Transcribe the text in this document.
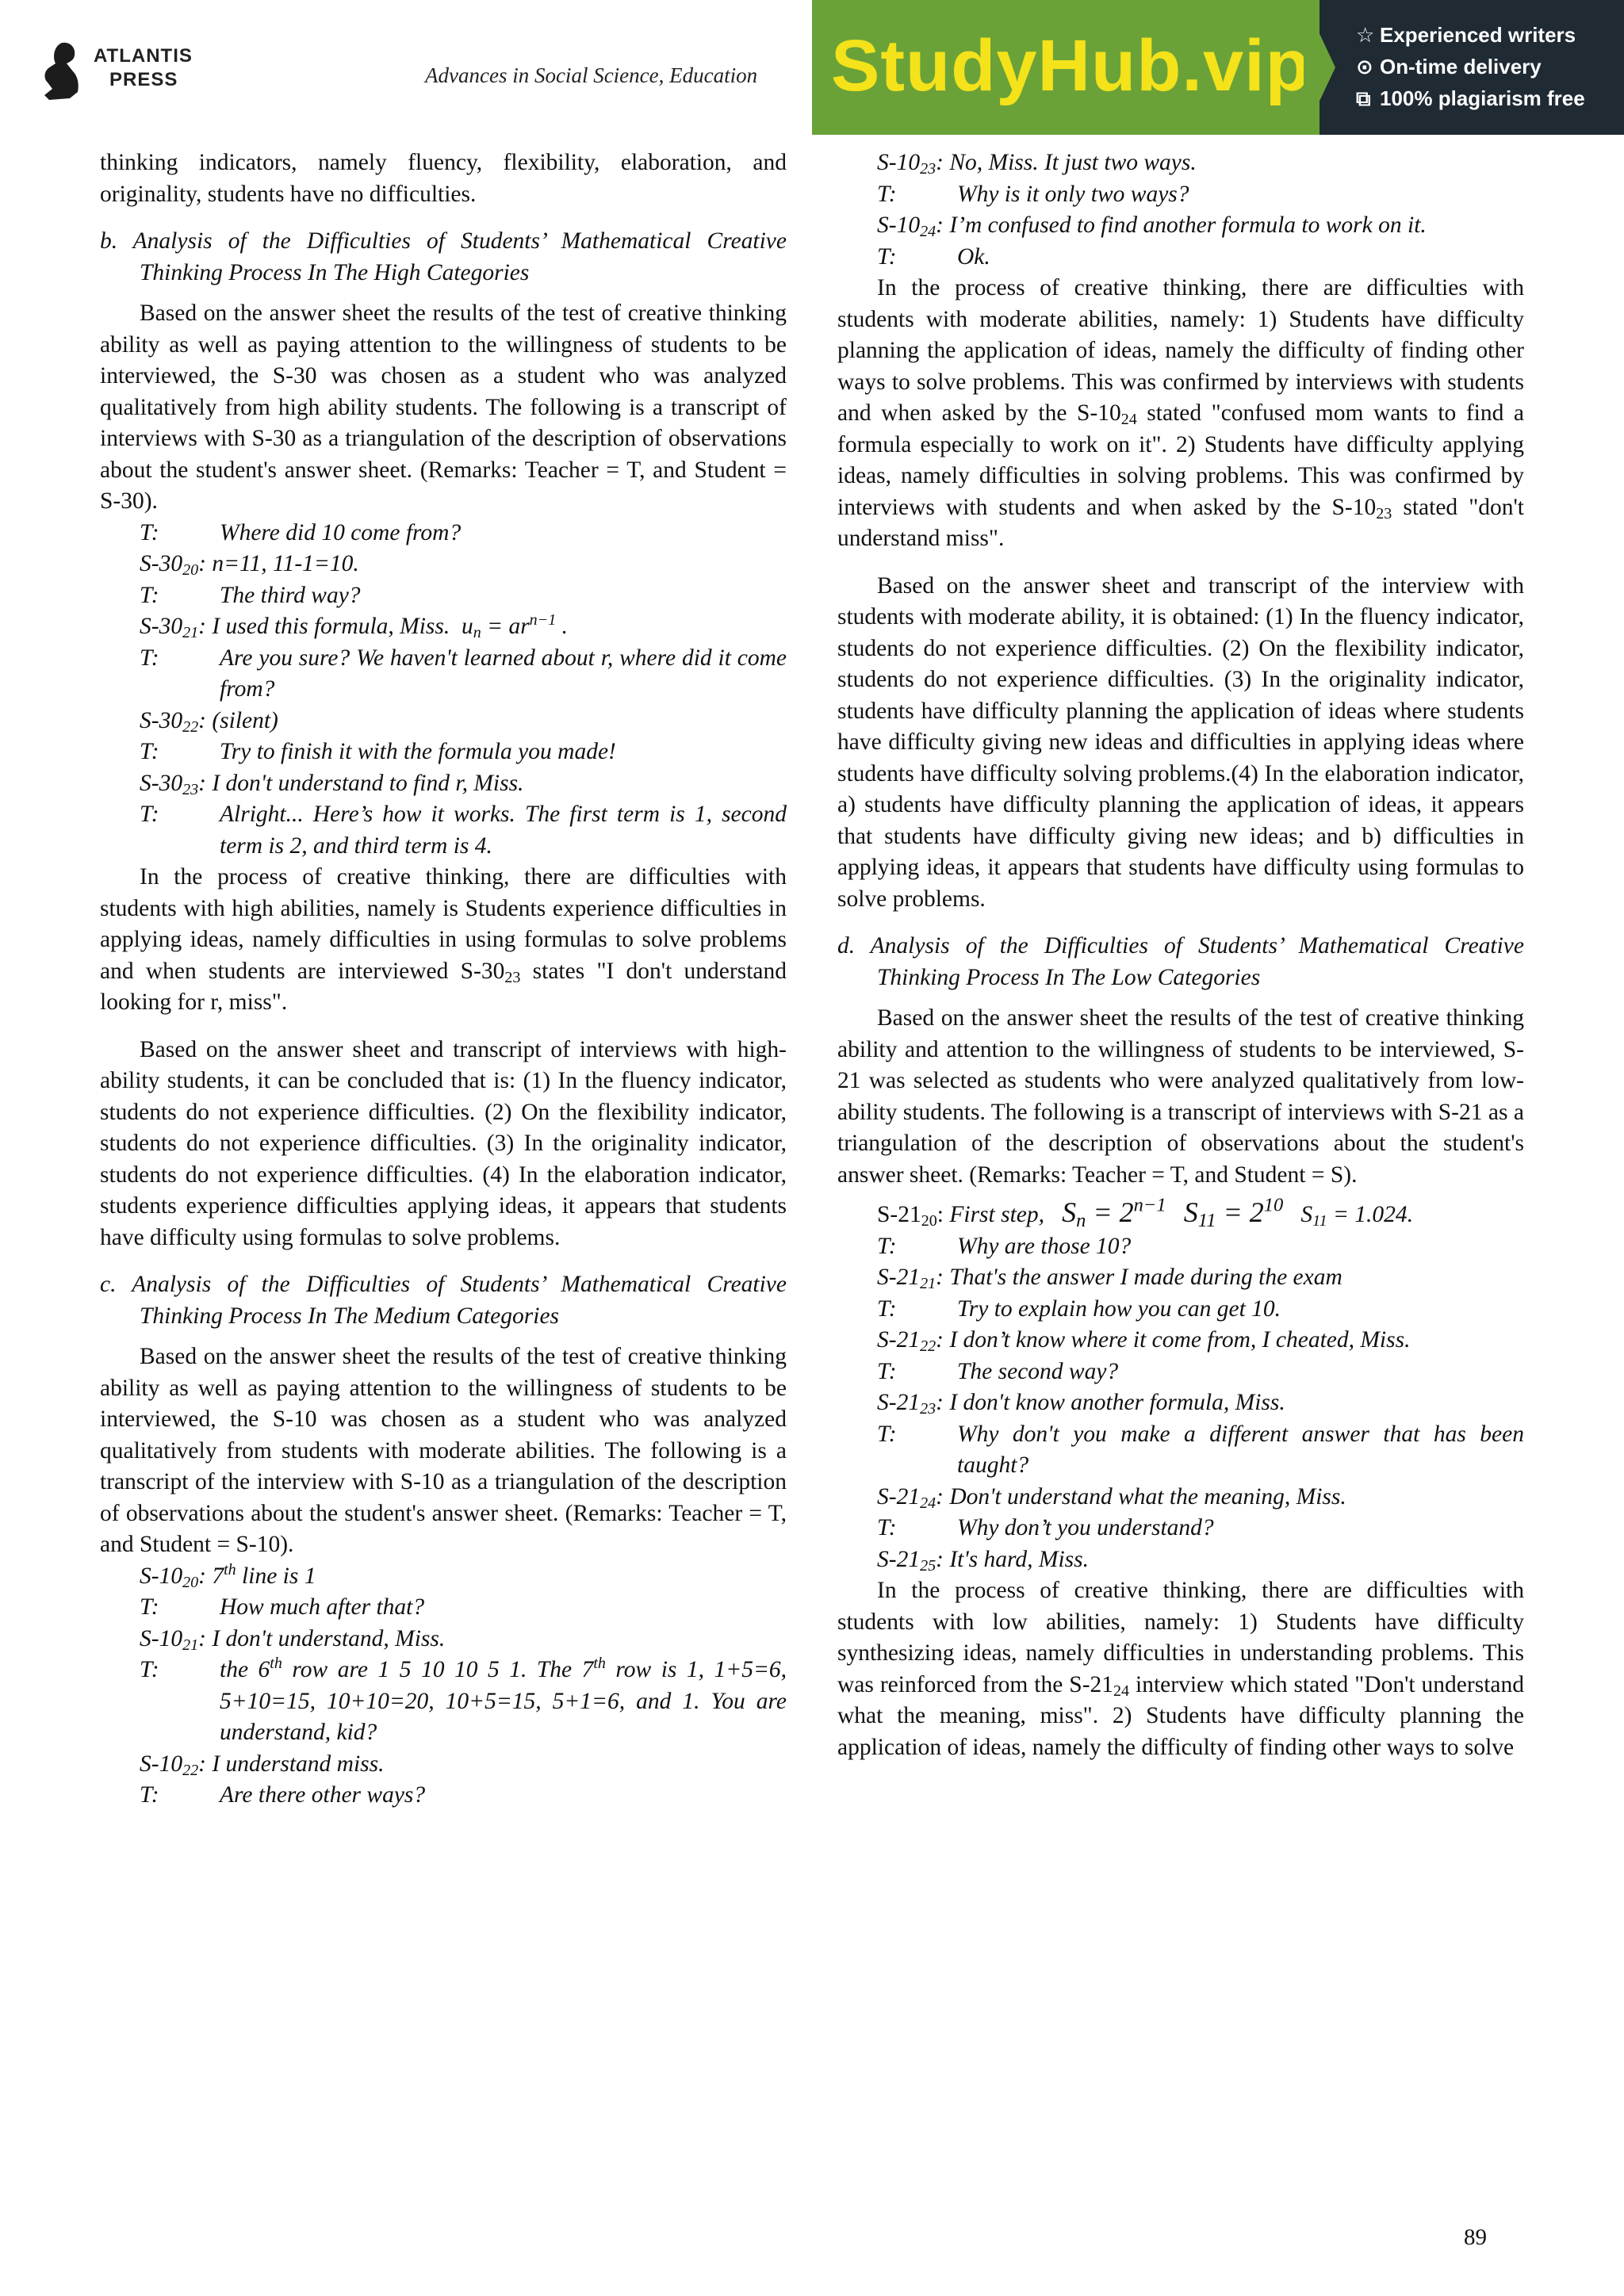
ATLANTIS
PRESS	Advances in Social Science, Education StudyHub.vip ☆ Experienced writers
⊙ On-time delivery
⧉ 100% plagiarism free

thinking indicators, namely fluency, flexibility, elaboration, and originality, students have no difficulties.

b. Analysis of the Difficulties of Students’ Mathematical Creative Thinking Process In The High Categories

Based on the answer sheet the results of the test of creative thinking ability as well as paying attention to the willingness of students to be interviewed, the S-30 was chosen as a student who was analyzed qualitatively from high ability students. The following is a transcript of interviews with S-30 as a triangulation of the description of observations about the student's answer sheet. (Remarks: Teacher = T, and Student = S-30).

T:	Where did 10 come from?
$S-30_{20}$: n=11, 11-1=10.
T:	The third way?
$S-30_{21}$: I used this formula, Miss. $u_n = ar^{n-1}$ .
T:	Are you sure? We haven't learned about r, where did it come from?
$S-30_{22}$: (silent)
T:	Try to finish it with the formula you made!
$S-30_{23}$: I don't understand to find r, Miss.
T:	Alright... Here’s how it works. The first term is 1, second term is 2, and third term is 4.

In the process of creative thinking, there are difficulties with students with high abilities, namely is Students experience difficulties in applying ideas, namely difficulties in using formulas to solve problems and when students are interviewed $S-30_{23}$ states "I don't understand looking for r, miss".

Based on the answer sheet and transcript of interviews with high-ability students, it can be concluded that is: (1) In the fluency indicator, students do not experience difficulties. (2) On the flexibility indicator, students do not experience difficulties. (3) In the originality indicator, students do not experience difficulties. (4) In the elaboration indicator, students experience difficulties applying ideas, it appears that students have difficulty using formulas to solve problems.

c. Analysis of the Difficulties of Students’ Mathematical Creative Thinking Process In The Medium Categories

Based on the answer sheet the results of the test of creative thinking ability as well as paying attention to the willingness of students to be interviewed, the S-10 was chosen as a student who was analyzed qualitatively from students with moderate abilities. The following is a transcript of the interview with S-10 as a triangulation of the description of observations about the student's answer sheet. (Remarks: Teacher = T, and Student = S-10).

$S-10_{20}$: 7th line is 1
T:	How much after that?
$S-10_{21}$: I don't understand, Miss.
T:	the 6th row are 1 5 10 10 5 1. The 7th row is 1, 1+5=6, 5+10=15, 10+10=20, 10+5=15, 5+1=6, and 1. You are understand, kid?
$S-10_{22}$: I understand miss.
T:	Are there other ways?
$S-10_{23}$: No, Miss. It just two ways.
T:	Why is it only two ways?
$S-10_{24}$: I’m confused to find another formula to work on it.
T:	Ok.

In the process of creative thinking, there are difficulties with students with moderate abilities, namely: 1) Students have difficulty planning the application of ideas, namely the difficulty of finding other ways to solve problems. This was confirmed by interviews with students and when asked by the $S-10_{24}$ stated "confused mom wants to find a formula especially to work on it". 2) Students have difficulty applying ideas, namely difficulties in solving problems. This was confirmed by interviews with students and when asked by the $S-10_{23}$ stated "don't understand miss".

Based on the answer sheet and transcript of the interview with students with moderate ability, it is obtained: (1) In the fluency indicator, students do not experience difficulties. (2) On the flexibility indicator, students do not experience difficulties. (3) In the originality indicator, students have difficulty planning the application of ideas where students have difficulty giving new ideas and difficulties in applying ideas where students have difficulty solving problems.(4) In the elaboration indicator, a) students have difficulty planning the application of ideas, it appears that students have difficulty giving new ideas; and b) difficulties in applying ideas, it appears that students have difficulty using formulas to solve problems.

d. Analysis of the Difficulties of Students’ Mathematical Creative Thinking Process In The Low Categories

Based on the answer sheet the results of the test of creative thinking ability and attention to the willingness of students to be interviewed, S-21 was selected as students who were analyzed qualitatively from low-ability students. The following is a transcript of interviews with S-21 as a triangulation of the description of observations about the student's answer sheet. (Remarks: Teacher = T, and Student = S).

$S-21_{20}$: First step, $S_n = 2^{n-1}$ $S_{11} = 2^{10}$ $S_{11} = 1.024$.
T:	Why are those 10?
$S-21_{21}$: That's the answer I made during the exam
T:	Try to explain how you can get 10.
$S-21_{22}$: I don’t know where it come from, I cheated, Miss.
T:	The second way?
$S-21_{23}$: I don't know another formula, Miss.
T:	Why don't you make a different answer that has been taught?
$S-21_{24}$: Don't understand what the meaning, Miss.
T:	Why don’t you understand?
$S-21_{25}$: It's hard, Miss.

In the process of creative thinking, there are difficulties with students with low abilities, namely: 1) Students have difficulty synthesizing ideas, namely difficulties in understanding problems. This was reinforced from the $S-21_{24}$ interview which stated "Don't understand what the meaning, miss". 2) Students have difficulty planning the application of ideas, namely the difficulty of finding other ways to solve

89
